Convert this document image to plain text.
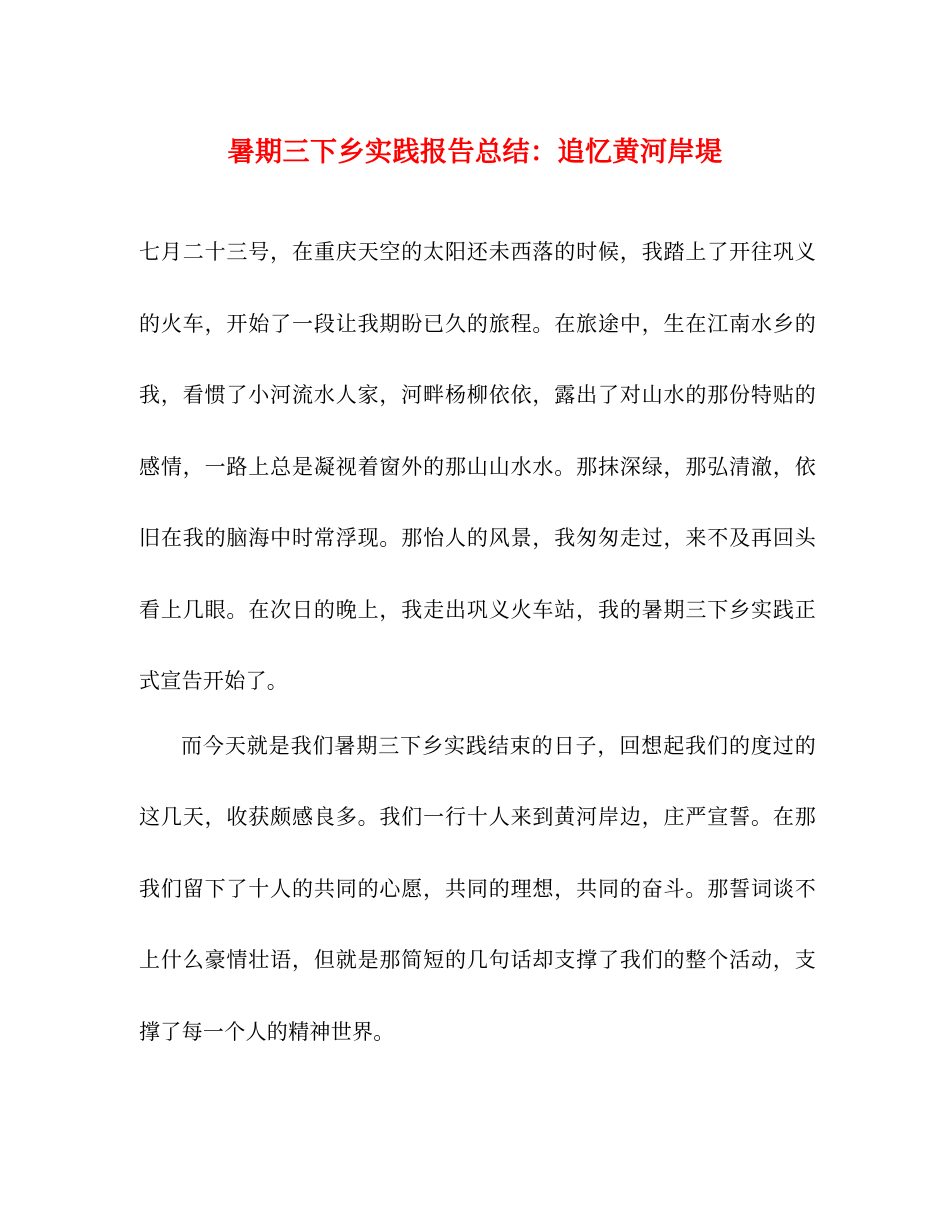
暑期三下乡实践报告总结：追忆黄河岸堤

七月二十三号，在重庆天空的太阳还未西落的时候，我踏上了开往巩义的火车，开始了一段让我期盼已久的旅程。在旅途中，生在江南水乡的我，看惯了小河流水人家，河畔杨柳依依，露出了对山水的那份特贴的感情，一路上总是凝视着窗外的那山山水水。那抹深绿，那弘清澈，依旧在我的脑海中时常浮现。那怡人的风景，我匆匆走过，来不及再回头看上几眼。在次日的晚上，我走出巩义火车站，我的暑期三下乡实践正式宣告开始了。

而今天就是我们暑期三下乡实践结束的日子，回想起我们的度过的这几天，收获颇感良多。我们一行十人来到黄河岸边，庄严宣誓。在那我们留下了十人的共同的心愿，共同的理想，共同的奋斗。那誓词谈不上什么豪情壮语，但就是那简短的几句话却支撑了我们的整个活动，支撑了每一个人的精神世界。
